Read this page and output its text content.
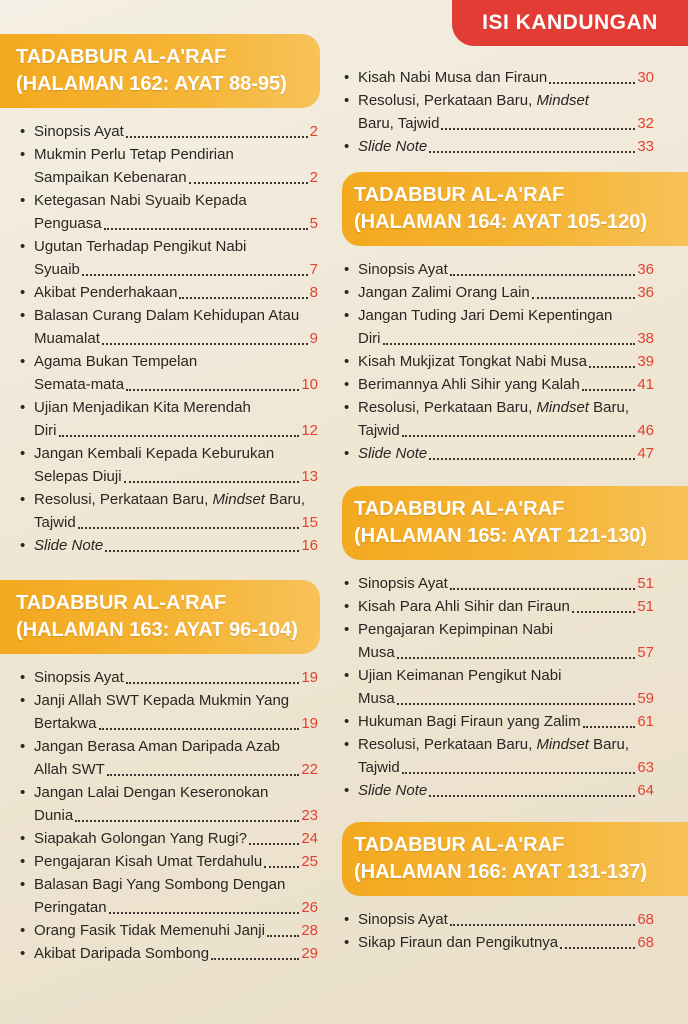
ISI KANDUNGAN
TADABBUR AL-A'RAF
(HALAMAN 162: AYAT 88-95)
• Sinopsis Ayat	2
• Mukmin Perlu Tetap Pendirian
Sampaikan Kebenaran	2
• Ketegasan Nabi Syuaib Kepada
Penguasa	5
• Ugutan Terhadap Pengikut Nabi
Syuaib	7
• Akibat Penderhakaan	8
• Balasan Curang Dalam Kehidupan Atau
Muamalat	9
• Agama Bukan Tempelan
Semata-mata	10
• Ujian Menjadikan Kita Merendah
Diri	12
• Jangan Kembali Kepada Keburukan
Selepas Diuji	13
• Resolusi, Perkataan Baru, Mindset Baru,
Tajwid	15
• Slide Note	16
TADABBUR AL-A'RAF
(HALAMAN 163: AYAT 96-104)
• Sinopsis Ayat	19
• Janji Allah SWT Kepada Mukmin Yang
Bertakwa	19
• Jangan Berasa Aman Daripada Azab
Allah SWT	22
• Jangan Lalai Dengan Keseronokan
Dunia	23
• Siapakah Golongan Yang Rugi?	24
• Pengajaran Kisah Umat Terdahulu	25
• Balasan Bagi Yang Sombong Dengan
Peringatan	26
• Orang Fasik Tidak Memenuhi Janji 28
• Akibat Daripada Sombong	29
• Kisah Nabi Musa dan Firaun	30
• Resolusi, Perkataan Baru, Mindset
Baru, Tajwid	32
• Slide Note	33
TADABBUR AL-A'RAF
(HALAMAN 164: AYAT 105-120)
• Sinopsis Ayat	36
• Jangan Zalimi Orang Lain	36
• Jangan Tuding Jari Demi Kepentingan
Diri	38
• Kisah Mukjizat Tongkat Nabi Musa	39
• Berimannya Ahli Sihir yang Kalah	41
• Resolusi, Perkataan Baru, Mindset Baru,
Tajwid	46
• Slide Note	47
TADABBUR AL-A'RAF
(HALAMAN 165: AYAT 121-130)
• Sinopsis Ayat	51
• Kisah Para Ahli Sihir dan Firaun	51
• Pengajaran Kepimpinan Nabi
Musa	57
• Ujian Keimanan Pengikut Nabi
Musa	59
• Hukuman Bagi Firaun yang Zalim	61
• Resolusi, Perkataan Baru, Mindset Baru,
Tajwid	63
• Slide Note	64
TADABBUR AL-A'RAF
(HALAMAN 166: AYAT 131-137)
• Sinopsis Ayat	68
• Sikap Firaun dan Pengikutnya	68
